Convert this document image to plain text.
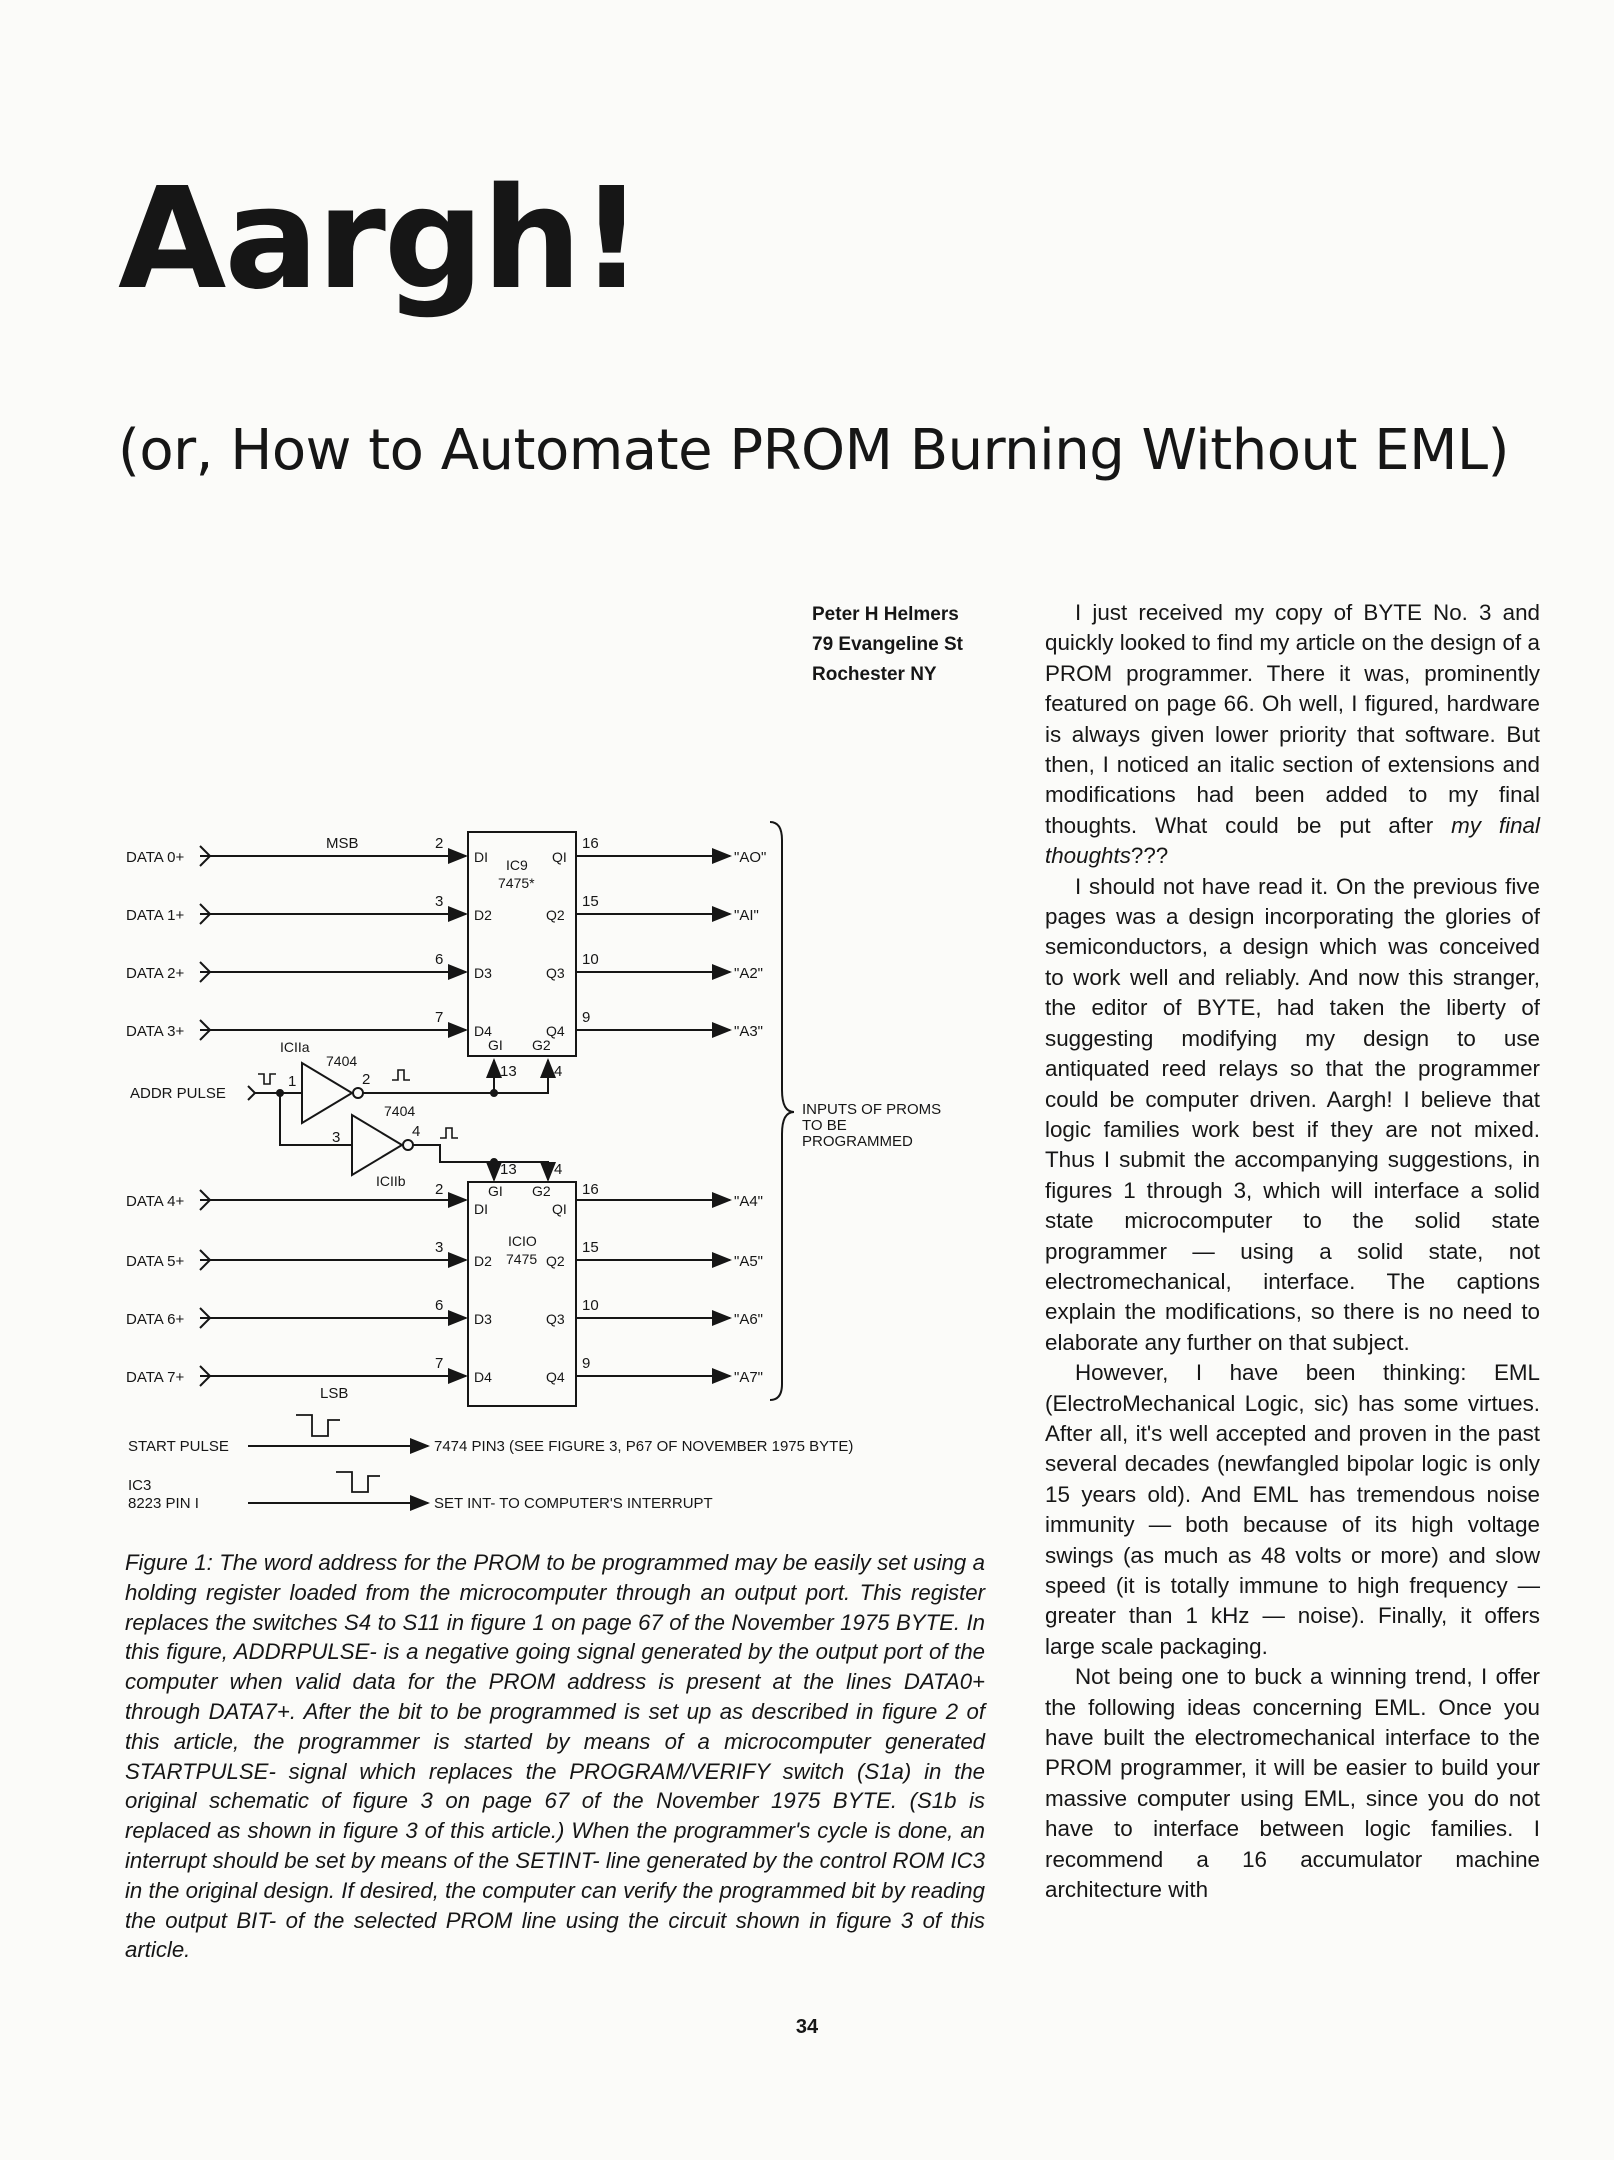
Aargh!
(or, How to Automate PROM Burning Without EML)
Peter H Helmers
79 Evangeline St
Rochester NY

I just received my copy of BYTE No. 3 and quickly looked to find my article on the design of a PROM programmer. There it was, prominently featured on page 66. Oh well, I figured, hardware is always given lower priority that software. But then, I noticed an italic section of extensions and modifications had been added to my final thoughts. What could be put after my final thoughts???

I should not have read it. On the previous five pages was a design incorporating the glories of semiconductors, a design which was conceived to work well and reliably. And now this stranger, the editor of BYTE, had taken the liberty of suggesting modifying my design to use antiquated reed relays so that the programmer could be computer driven. Aargh! I believe that logic families work best if they are not mixed. Thus I submit the accompanying suggestions, in figures 1 through 3, which will interface a solid state microcomputer to the solid state programmer — using a solid state, not electromechanical, interface. The captions explain the modifications, so there is no need to elaborate any further on that subject.

However, I have been thinking: EML (ElectroMechanical Logic, sic) has some virtues. After all, it's well accepted and proven in the past several decades (newfangled bipolar logic is only 15 years old). And EML has tremendous noise immunity — both because of its high voltage swings (as much as 48 volts or more) and slow speed (it is totally immune to high frequency — greater than 1 kHz — noise). Finally, it offers large scale packaging.

Not being one to buck a winning trend, I offer the following ideas concerning EML. Once you have built the electromechanical interface to the PROM programmer, it will be easier to build your massive computer using EML, since you do not have to interface between logic families. I recommend a 16 accumulator machine architecture with

DATA 0+
DATA 1+
DATA 2+
DATA 3+
DATA 4+
DATA 5+
DATA 6+
DATA 7+
ADDR PULSE
MSB
LSB
IC9
7475*
ICIO
7475
ICIIa
7404
7404
ICIIb
1	2
3	4
2
3
6
7
16
15
10
9
DI
D2
D3
D4
QI
Q2
Q3
Q4
GI G2
13 4
2
3
6
7
16
15
10
9
GI G2
DI
D2
D3
D4
QI
Q2
Q3
Q4
13 4
"AO"
"AI"
"A2"
"A3"
"A4"
"A5"
"A6"
"A7"
INPUTS OF PROMS
TO BE
PROGRAMMED
START PULSE	7474 PIN3 (SEE FIGURE 3, P67 OF NOVEMBER 1975 BYTE)
IC3
8223 PIN I	SET INT- TO COMPUTER'S INTERRUPT
Figure 1: The word address for the PROM to be programmed may be easily set using a holding register loaded from the microcomputer through an output port. This register replaces the switches S4 to S11 in figure 1 on page 67 of the November 1975 BYTE. In this figure, ADDRPULSE- is a negative going signal generated by the output port of the computer when valid data for the PROM address is present at the lines DATA0+ through DATA7+. After the bit to be programmed is set up as described in figure 2 of this article, the programmer is started by means of a microcomputer generated STARTPULSE- signal which replaces the PROGRAM/VERIFY switch (S1a) in the original schematic of figure 3 on page 67 of the November 1975 BYTE. (S1b is replaced as shown in figure 3 of this article.) When the programmer's cycle is done, an interrupt should be set by means of the SETINT- line generated by the control ROM IC3 in the original design. If desired, the computer can verify the programmed bit by reading the output BIT- of the selected PROM line using the circuit shown in figure 3 of this article.
34
